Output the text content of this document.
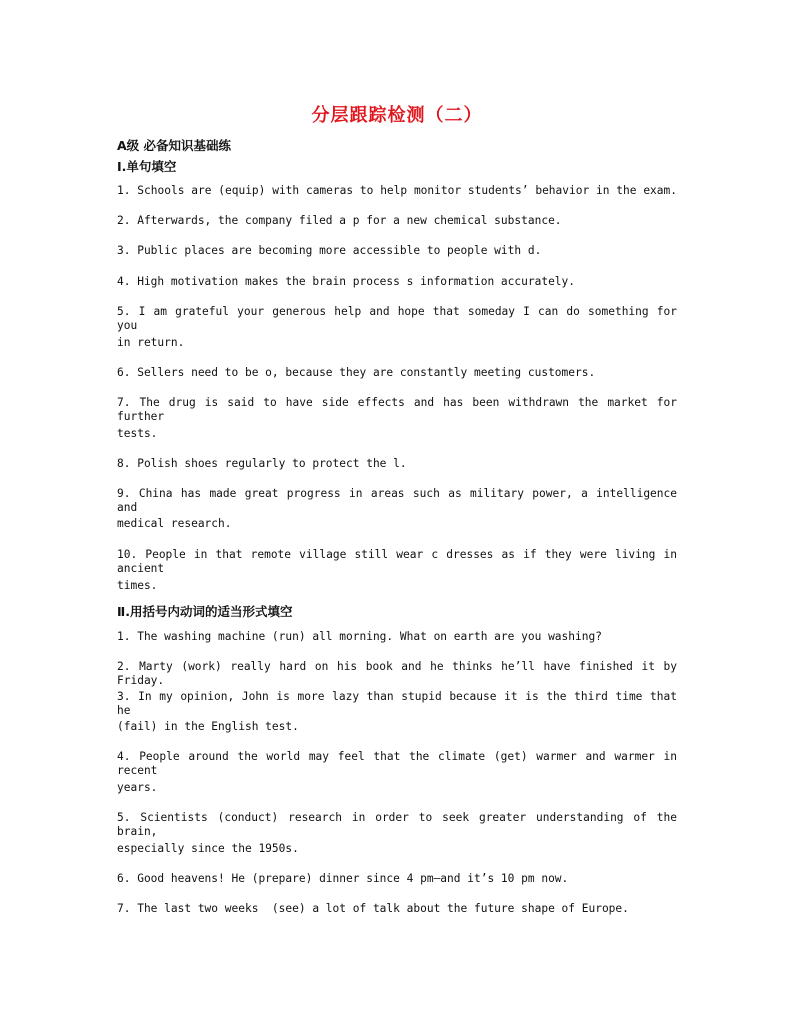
分层跟踪检测（二）
A级 必备知识基础练
Ⅰ.单句填空
1. Schools are (equip) with cameras to help monitor students’ behavior in the exam.
2. Afterwards, the company filed a p for a new chemical substance.
3. Public places are becoming more accessible to people with d.
4. High motivation makes the brain process s information accurately.
5. I am grateful your generous help and hope that someday I can do something for you
in return.
6. Sellers need to be o, because they are constantly meeting customers.
7. The drug is said to have side effects and has been withdrawn the market for further
tests.
8. Polish shoes regularly to protect the l.
9. China has made great progress in areas such as military power, a intelligence and
medical research.
10. People in that remote village still wear c dresses as if they were living in ancient
times.
Ⅱ.用括号内动词的适当形式填空
1. The washing machine (run) all morning. What on earth are you washing?
2. Marty (work) really hard on his book and he thinks he’ll have finished it by Friday.
3. In my opinion, John is more lazy than stupid because it is the third time that he
(fail) in the English test.
4. People around the world may feel that the climate (get) warmer and warmer in recent
years.
5. Scientists (conduct) research in order to seek greater understanding of the brain,
especially since the 1950s.
6. Good heavens! He (prepare) dinner since 4 pm—and it’s 10 pm now.
7. The last two weeks  (see) a lot of talk about the future shape of Europe.
